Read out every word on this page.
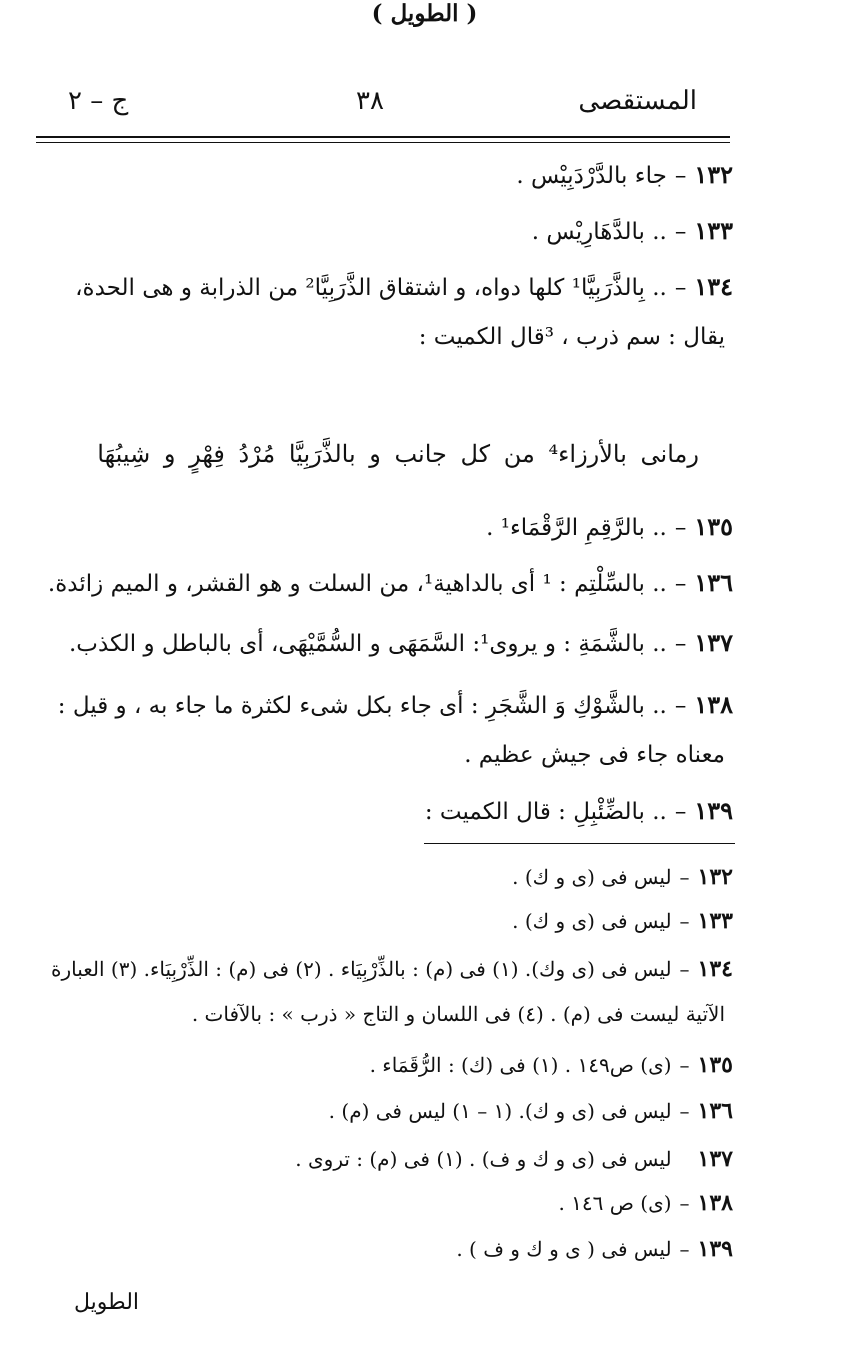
المستقصى
٣٨
ج – ٢
١٣٢–جاء بالدَّرْدَبِيْس .
١٣٣–.. بالدَّهَارِيْس .
١٣٤–.. بِالذَّرَبِيَّا¹ كلها دواه، و اشتقاق الذَّرَبِيَّا² من الذرابة و هى الحدة،
يقال : سم ذرب ، ³قال الكميت :
( الطويل )
رمانى بالأرزاء⁴ من كل جانب و بالذَّرَبِيَّا مُرْدُ فِهْرٍ و شِيبُهَا
١٣٥–.. بالرَّقِمِ الرَّقْمَاء¹ .
١٣٦–.. بالسِّلْتِم : ¹ أى بالداهية¹، من السلت و هو القشر، و الميم زائدة.
١٣٧–.. بالشَّمَةِ : و يروى¹: السَّمَهَى و السُّمَّيْهَى، أى بالباطل و الكذب.
١٣٨–.. بالشَّوْكِ وَ الشَّجَرِ : أى جاء بكل شىء لكثرة ما جاء به ، و قيل :
معناه جاء فى جيش عظيم .
١٣٩–.. بالضِّئْبِلِ : قال الكميت :
١٣٢–ليس فى (ى و ك) .
١٣٣–ليس فى (ى و ك) .
١٣٤–ليس فى (ى وك). (١) فى (م) : بالذِّرْبِيَاء . (٢) فى (م) : الذِّرْبِيَاء. (٣) العبارة
الآتية ليست فى (م) . (٤) فى اللسان و التاج « ذرب » : بالآفات .
١٣٥–(ى) ص١٤٩ . (١) فى (ك) : الرُّقَمَاء .
١٣٦–ليس فى (ى و ك). (١ – ١) ليس فى (م) .
١٣٧ليس فى (ى و ك و ف) . (١) فى (م) : تروى .
١٣٨–(ى) ص ١٤٦ .
١٣٩–ليس فى ( ى و ك و ف ) .
الطويل
